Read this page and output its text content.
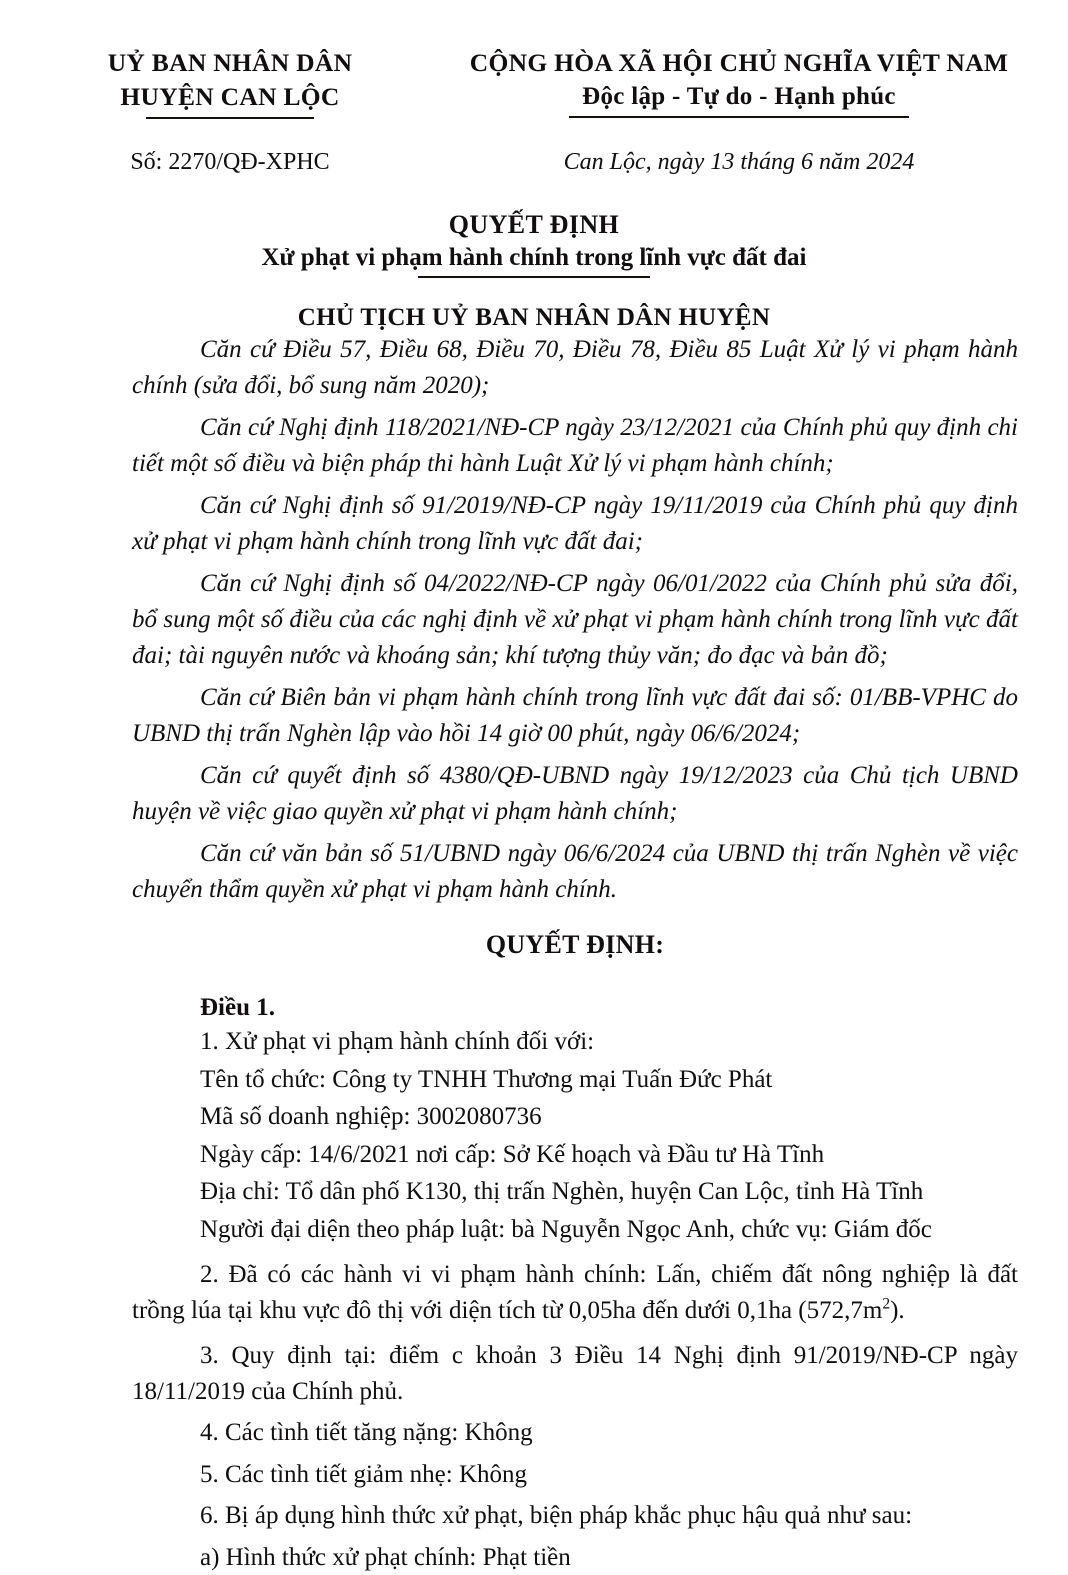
UỶ BAN NHÂN DÂN
HUYỆN CAN LỘC
CỘNG HÒA XÃ HỘI CHỦ NGHĨA VIỆT NAM
Độc lập - Tự do - Hạnh phúc
Số: 2270/QĐ-XPHC	Can Lộc, ngày 13 tháng 6 năm 2024
QUYẾT ĐỊNH
Xử phạt vi phạm hành chính trong lĩnh vực đất đai
CHỦ TỊCH UỶ BAN NHÂN DÂN HUYỆN

Căn cứ Điều 57, Điều 68, Điều 70, Điều 78, Điều 85 Luật Xử lý vi phạm hành chính (sửa đổi, bổ sung năm 2020);

Căn cứ Nghị định 118/2021/NĐ-CP ngày 23/12/2021 của Chính phủ quy định chi tiết một số điều và biện pháp thi hành Luật Xử lý vi phạm hành chính;

Căn cứ Nghị định số 91/2019/NĐ-CP ngày 19/11/2019 của Chính phủ quy định xử phạt vi phạm hành chính trong lĩnh vực đất đai;

Căn cứ Nghị định số 04/2022/NĐ-CP ngày 06/01/2022 của Chính phủ sửa đổi, bổ sung một số điều của các nghị định về xử phạt vi phạm hành chính trong lĩnh vực đất đai; tài nguyên nước và khoáng sản; khí tượng thủy văn; đo đạc và bản đồ;

Căn cứ Biên bản vi phạm hành chính trong lĩnh vực đất đai số: 01/BB-VPHC do UBND thị trấn Nghèn lập vào hồi 14 giờ 00 phút, ngày 06/6/2024;

Căn cứ quyết định số 4380/QĐ-UBND ngày 19/12/2023 của Chủ tịch UBND huyện về việc giao quyền xử phạt vi phạm hành chính;

Căn cứ văn bản số 51/UBND ngày 06/6/2024 của UBND thị trấn Nghèn về việc chuyển thẩm quyền xử phạt vi phạm hành chính.

QUYẾT ĐỊNH:
Điều 1.

1. Xử phạt vi phạm hành chính đối với:

Tên tổ chức: Công ty TNHH Thương mại Tuấn Đức Phát

Mã số doanh nghiệp: 3002080736

Ngày cấp: 14/6/2021 nơi cấp: Sở Kế hoạch và Đầu tư Hà Tĩnh

Địa chỉ: Tổ dân phố K130, thị trấn Nghèn, huyện Can Lộc, tỉnh Hà Tĩnh

Người đại diện theo pháp luật: bà Nguyễn Ngọc Anh, chức vụ: Giám đốc

2. Đã có các hành vi vi phạm hành chính: Lấn, chiếm đất nông nghiệp là đất trồng lúa tại khu vực đô thị với diện tích từ 0,05ha đến dưới 0,1ha $(572,7m^2)$.

3. Quy định tại: điểm c khoản 3 Điều 14 Nghị định 91/2019/NĐ-CP ngày 18/11/2019 của Chính phủ.

4. Các tình tiết tăng nặng: Không

5. Các tình tiết giảm nhẹ: Không

6. Bị áp dụng hình thức xử phạt, biện pháp khắc phục hậu quả như sau:

a) Hình thức xử phạt chính: Phạt tiền
